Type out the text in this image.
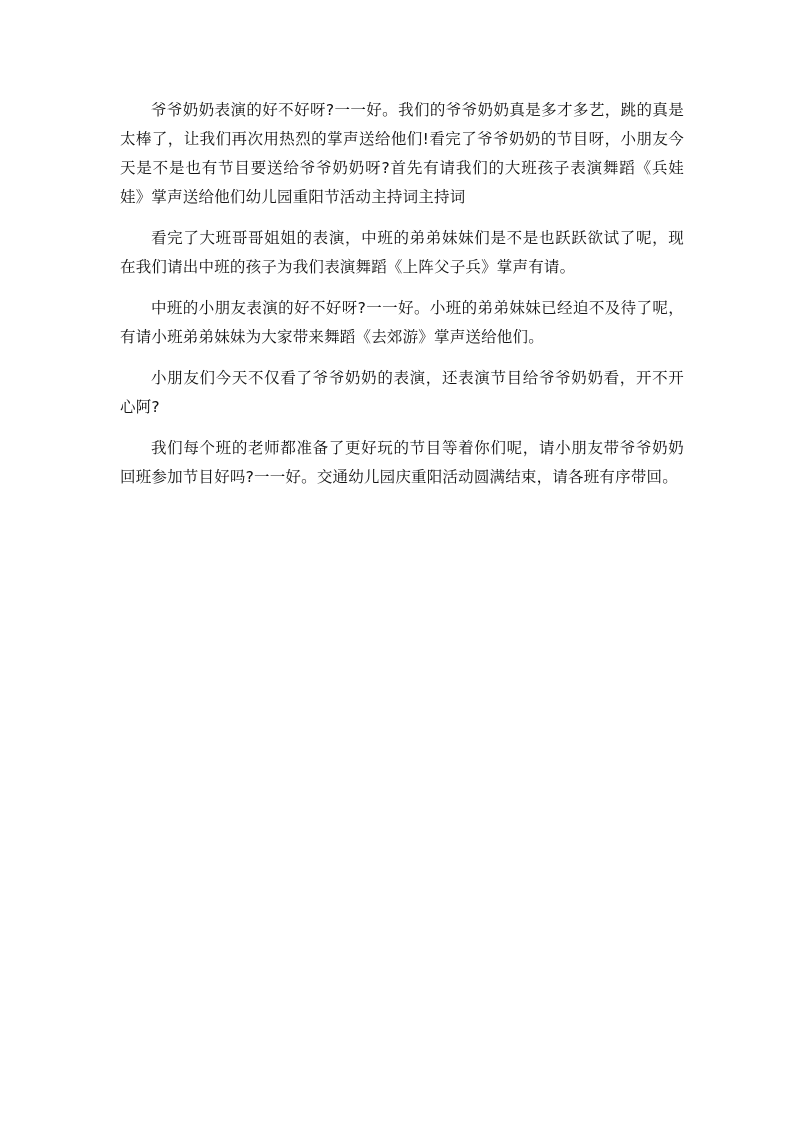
爷爷奶奶表演的好不好呀?一一好。我们的爷爷奶奶真是多才多艺，跳的真是太棒了，让我们再次用热烈的掌声送给他们!看完了爷爷奶奶的节目呀，小朋友今天是不是也有节目要送给爷爷奶奶呀?首先有请我们的大班孩子表演舞蹈《兵娃娃》掌声送给他们幼儿园重阳节活动主持词主持词

看完了大班哥哥姐姐的表演，中班的弟弟妹妹们是不是也跃跃欲试了呢，现在我们请出中班的孩子为我们表演舞蹈《上阵父子兵》掌声有请。

中班的小朋友表演的好不好呀?一一好。小班的弟弟妹妹已经迫不及待了呢，有请小班弟弟妹妹为大家带来舞蹈《去郊游》掌声送给他们。

小朋友们今天不仅看了爷爷奶奶的表演，还表演节目给爷爷奶奶看，开不开心阿?

我们每个班的老师都准备了更好玩的节目等着你们呢，请小朋友带爷爷奶奶回班参加节目好吗?一一好。交通幼儿园庆重阳活动圆满结束，请各班有序带回。
